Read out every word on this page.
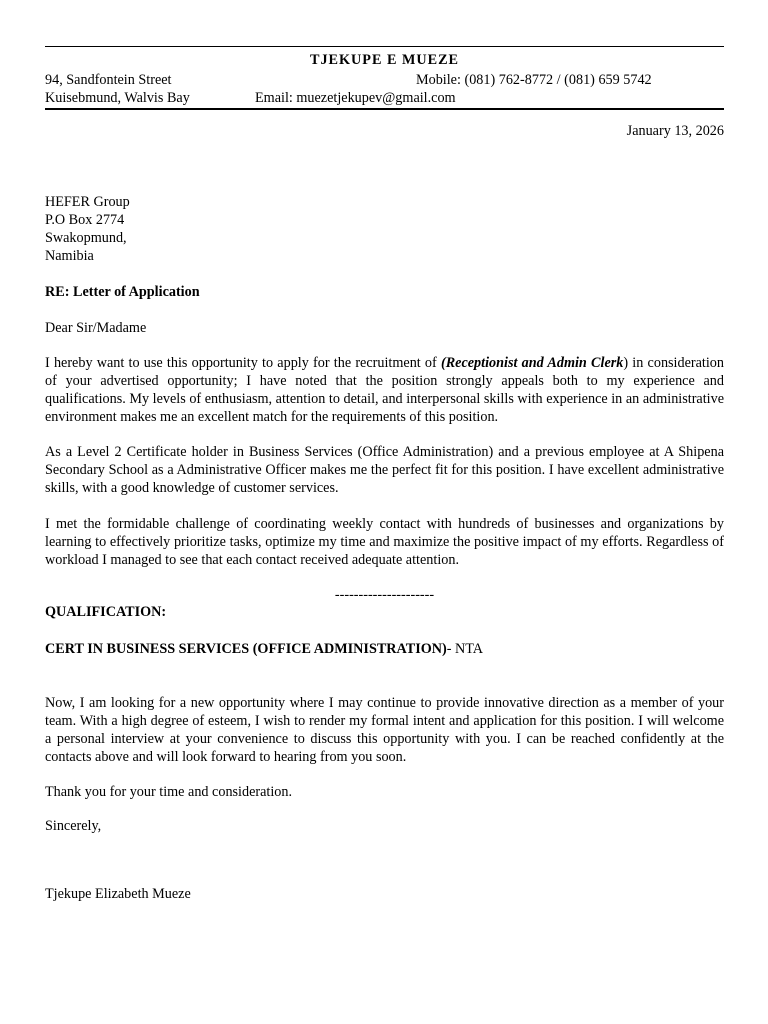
TJEKUPE E MUEZE
94, Sandfontein Street	Mobile: (081) 762-8772 / (081) 659 5742
Kuisebmund, Walvis Bay	Email: muezetjekupev@gmail.com
January 13, 2026
HEFER Group
P.O Box 2774
Swakopmund,
Namibia
RE: Letter of Application
Dear Sir/Madame
I hereby want to use this opportunity to apply for the recruitment of (Receptionist and Admin Clerk) in consideration of your advertised opportunity; I have noted that the position strongly appeals both to my experience and qualifications. My levels of enthusiasm, attention to detail, and interpersonal skills with experience in an administrative environment makes me an excellent match for the requirements of this position.
As a Level 2 Certificate holder in Business Services (Office Administration) and a previous employee at A Shipena Secondary School as a Administrative Officer makes me the perfect fit for this position. I have excellent administrative skills, with a good knowledge of customer services.
I met the formidable challenge of coordinating weekly contact with hundreds of businesses and organizations by learning to effectively prioritize tasks, optimize my time and maximize the positive impact of my efforts. Regardless of workload I managed to see that each contact received adequate attention.
---------------------
QUALIFICATION:
CERT IN BUSINESS SERVICES (OFFICE ADMINISTRATION)- NTA
Now, I am looking for a new opportunity where I may continue to provide innovative direction as a member of your team. With a high degree of esteem, I wish to render my formal intent and application for this position. I will welcome a personal interview at your convenience to discuss this opportunity with you. I can be reached confidently at the contacts above and will look forward to hearing from you soon.
Thank you for your time and consideration.
Sincerely,
Tjekupe Elizabeth Mueze
